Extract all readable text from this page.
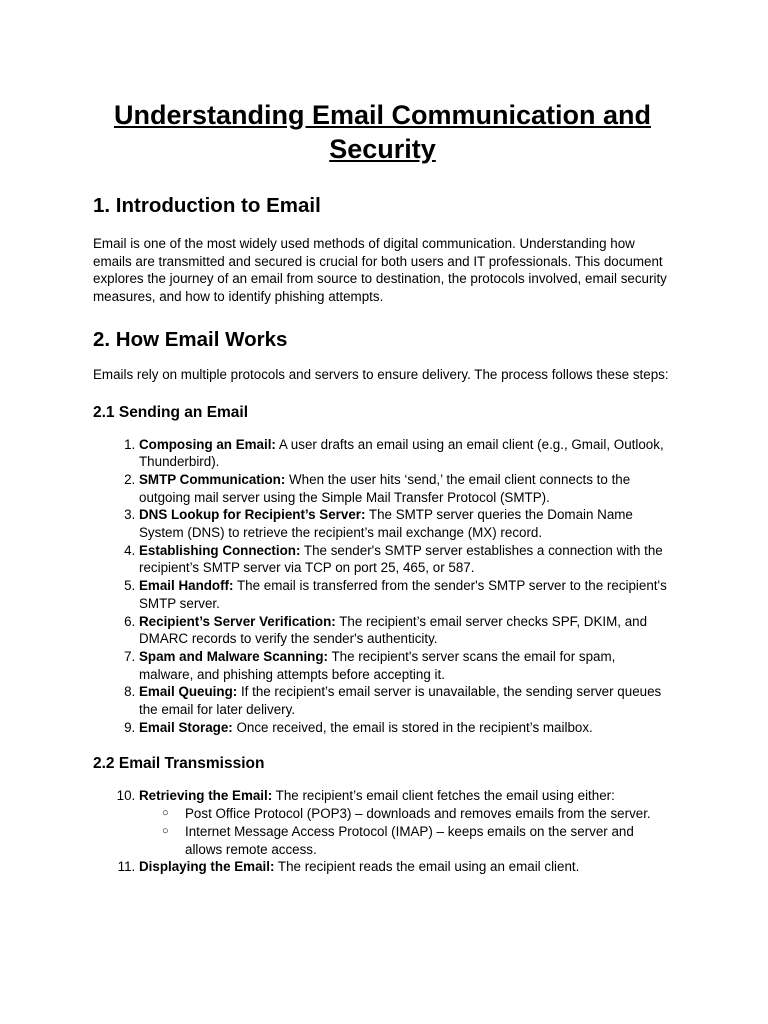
Understanding Email Communication and Security
1. Introduction to Email

Email is one of the most widely used methods of digital communication. Understanding how emails are transmitted and secured is crucial for both users and IT professionals. This document explores the journey of an email from source to destination, the protocols involved, email security measures, and how to identify phishing attempts.

2. How Email Works

Emails rely on multiple protocols and servers to ensure delivery. The process follows these steps:

2.1 Sending an Email
1. Composing an Email: A user drafts an email using an email client (e.g., Gmail, Outlook, Thunderbird).
2. SMTP Communication: When the user hits ‘send,’ the email client connects to the outgoing mail server using the Simple Mail Transfer Protocol (SMTP).
3. DNS Lookup for Recipient’s Server: The SMTP server queries the Domain Name System (DNS) to retrieve the recipient’s mail exchange (MX) record.
4. Establishing Connection: The sender's SMTP server establishes a connection with the recipient’s SMTP server via TCP on port 25, 465, or 587.
5. Email Handoff: The email is transferred from the sender's SMTP server to the recipient's SMTP server.
6. Recipient’s Server Verification: The recipient’s email server checks SPF, DKIM, and DMARC records to verify the sender's authenticity.
7. Spam and Malware Scanning: The recipient's server scans the email for spam, malware, and phishing attempts before accepting it.
8. Email Queuing: If the recipient’s email server is unavailable, the sending server queues the email for later delivery.
9. Email Storage: Once received, the email is stored in the recipient’s mailbox.
2.2 Email Transmission
10. Retrieving the Email: The recipient’s email client fetches the email using either:
○ Post Office Protocol (POP3) – downloads and removes emails from the server.
○ Internet Message Access Protocol (IMAP) – keeps emails on the server and allows remote access.
11. Displaying the Email: The recipient reads the email using an email client.
